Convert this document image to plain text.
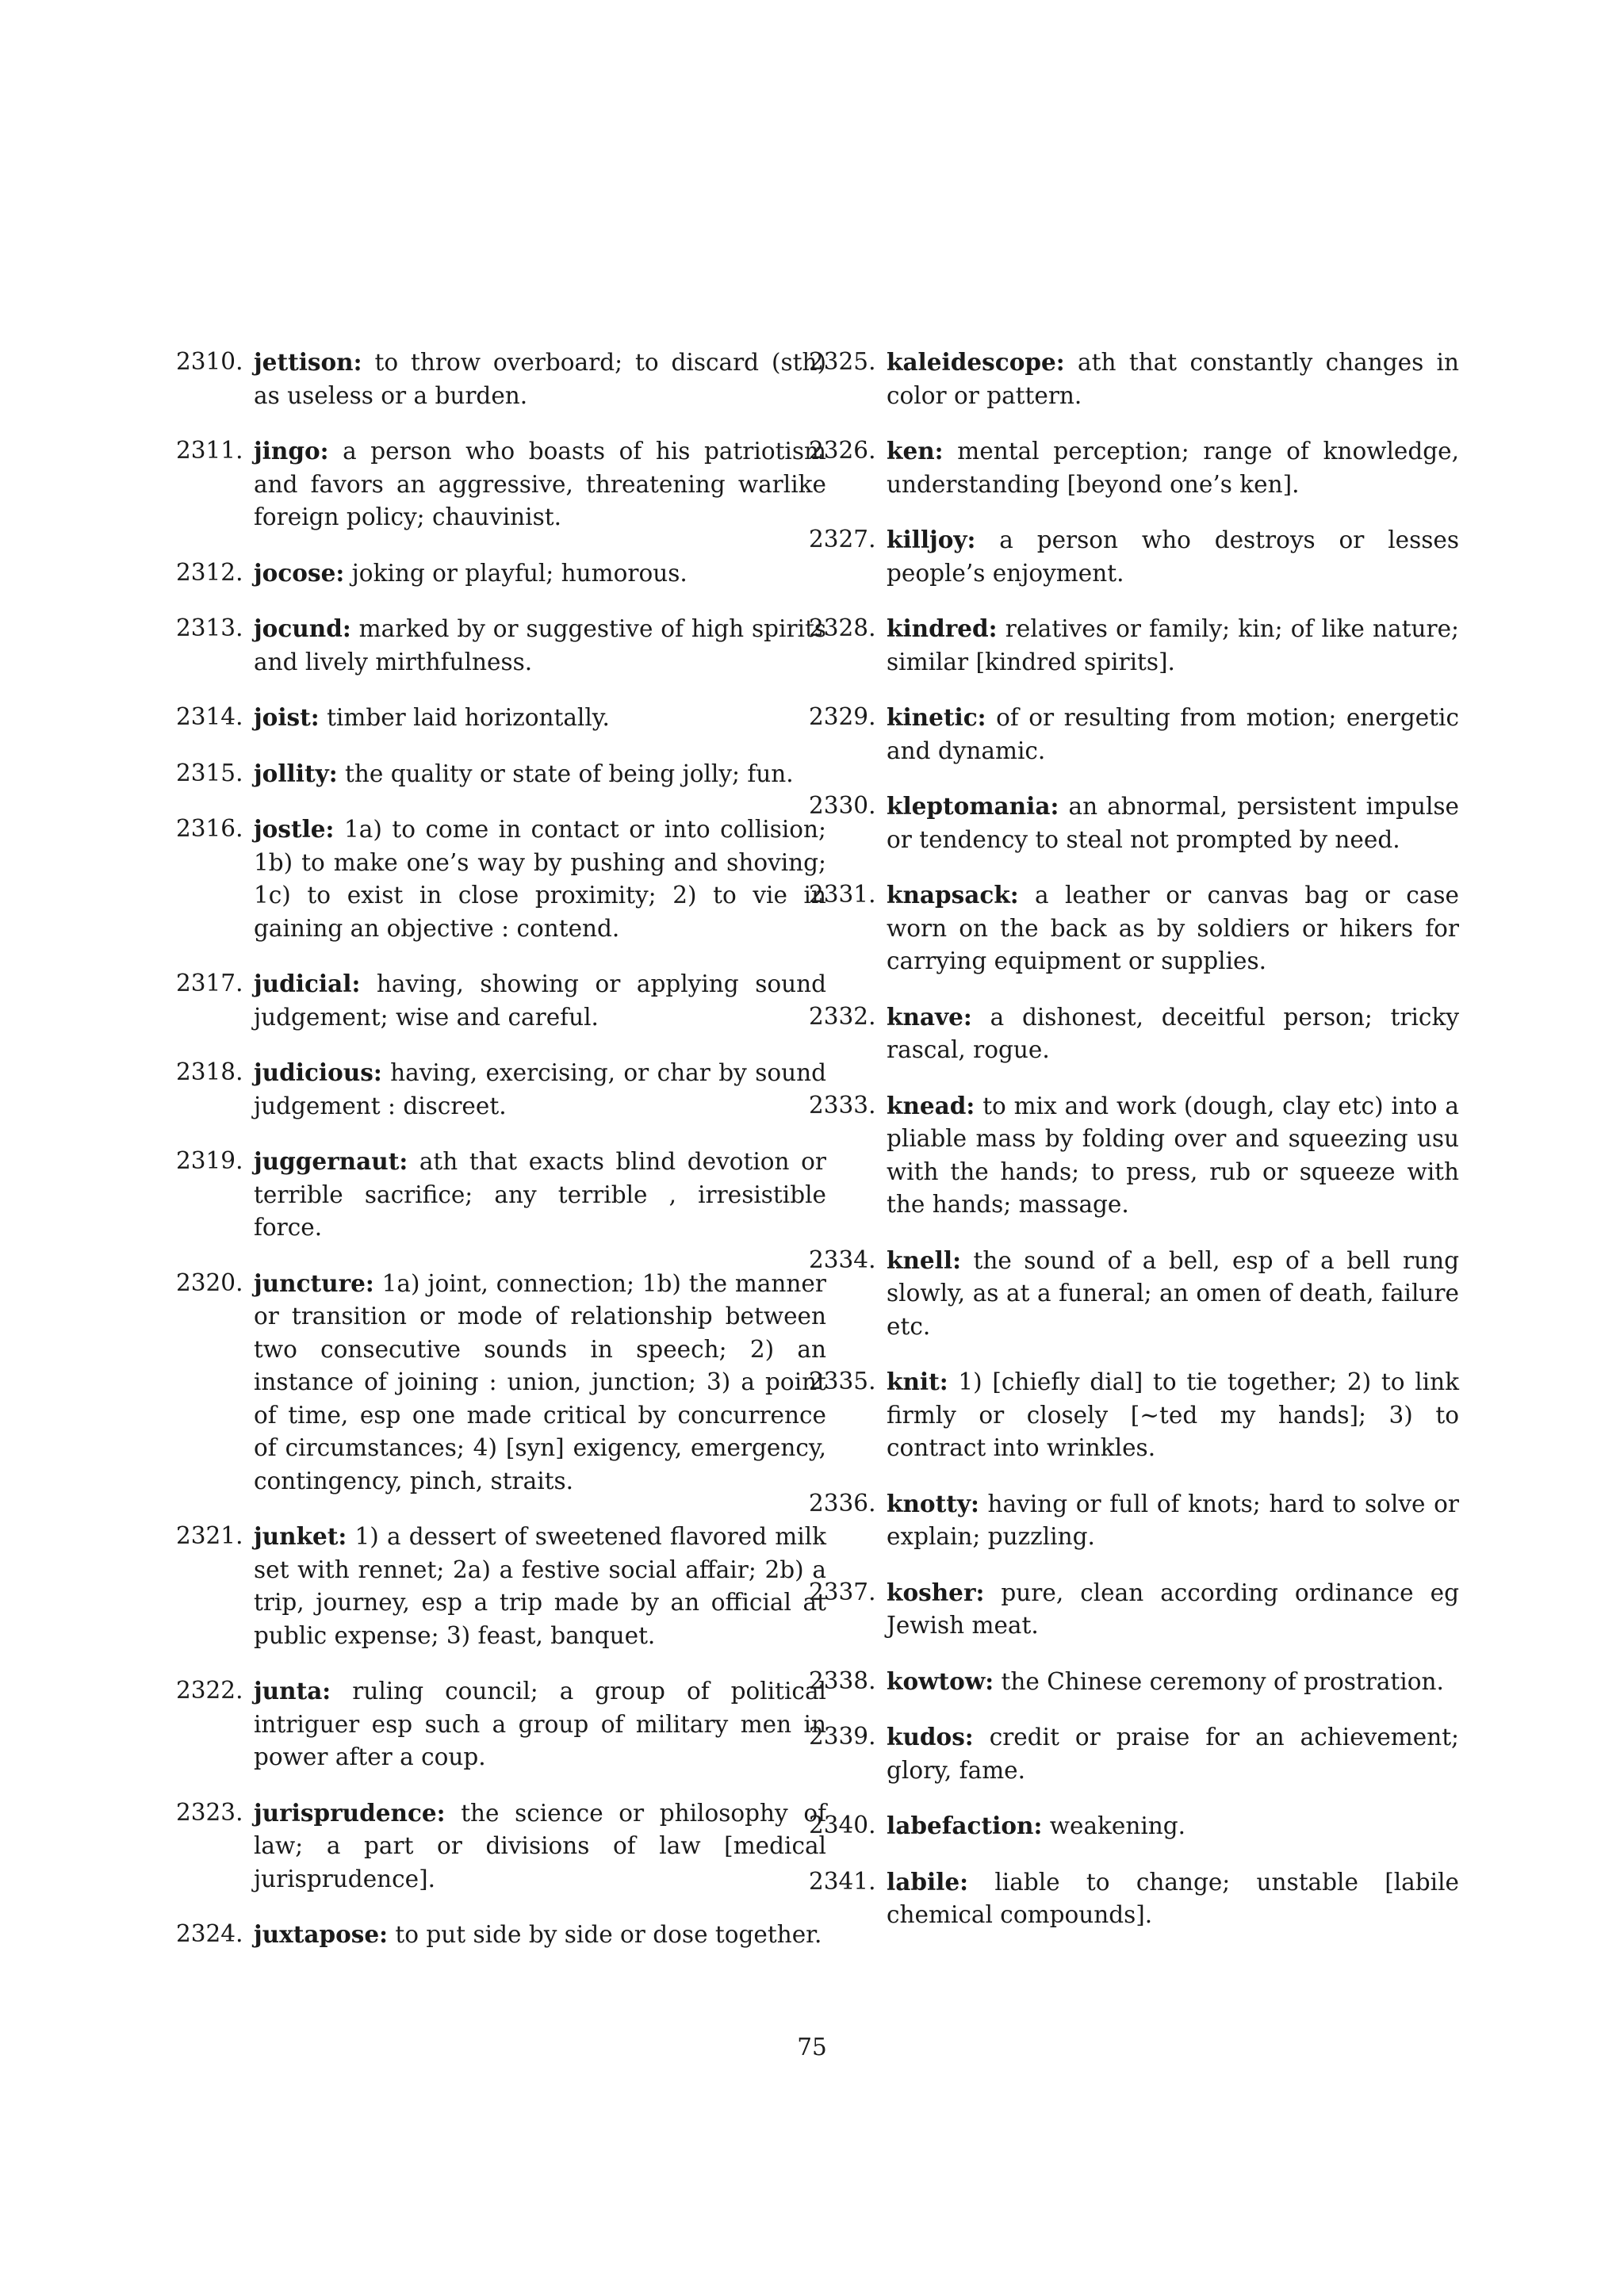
2310. jettison: to throw overboard; to discard (sth) as useless or a burden.

2311. jingo: a person who boasts of his patriotism and favors an aggressive, threatening warlike foreign policy; chauvinist.

2312. jocose: joking or playful; humorous.

2313. jocund: marked by or suggestive of high spirits and lively mirthfulness.

2314. joist: timber laid horizontally.

2315. jollity: the quality or state of being jolly; fun.

2316. jostle: 1a) to come in contact or into collision; 1b) to make one’s way by pushing and shoving; 1c) to exist in close proximity; 2) to vie in gaining an objective : contend.

2317. judicial: having, showing or applying sound judgement; wise and careful.

2318. judicious: having, exercising, or char by sound judgement : discreet.

2319. juggernaut: ath that exacts blind devotion or terrible sacrifice; any terrible , irresistible force.

2320. juncture: 1a) joint, connection; 1b) the manner or transition or mode of relationship between two consecutive sounds in speech; 2) an instance of joining : union, junction; 3) a point of time, esp one made critical by concurrence of circumstances; 4) [syn] exigency, emergency, contingency, pinch, straits.

2321. junket: 1) a dessert of sweetened flavored milk set with rennet; 2a) a festive social affair; 2b) a trip, journey, esp a trip made by an official at public expense; 3) feast, banquet.

2322. junta: ruling council; a group of political intriguer esp such a group of military men in power after a coup.

2323. jurisprudence: the science or philosophy of law; a part or divisions of law [medical jurisprudence].

2324. juxtapose: to put side by side or dose together.

2325. kaleidescope: ath that constantly changes in color or pattern.

2326. ken: mental perception; range of knowledge, understanding [beyond one’s ken].

2327. killjoy: a person who destroys or lesses people’s enjoyment.

2328. kindred: relatives or family; kin; of like nature; similar [kindred spirits].

2329. kinetic: of or resulting from motion; energetic and dynamic.

2330. kleptomania: an abnormal, persistent impulse or tendency to steal not prompted by need.

2331. knapsack: a leather or canvas bag or case worn on the back as by soldiers or hikers for carrying equipment or supplies.

2332. knave: a dishonest, deceitful person; tricky rascal, rogue.

2333. knead: to mix and work (dough, clay etc) into a pliable mass by folding over and squeezing usu with the hands; to press, rub or squeeze with the hands; massage.

2334. knell: the sound of a bell, esp of a bell rung slowly, as at a funeral; an omen of death, failure etc.

2335. knit: 1) [chiefly dial] to tie together; 2) to link firmly or closely [∼ted my hands]; 3) to contract into wrinkles.

2336. knotty: having or full of knots; hard to solve or explain; puzzling.

2337. kosher: pure, clean according ordinance eg Jewish meat.

2338. kowtow: the Chinese ceremony of prostration.

2339. kudos: credit or praise for an achievement; glory, fame.

2340. labefaction: weakening.

2341. labile: liable to change; unstable [labile chemical compounds].

75
